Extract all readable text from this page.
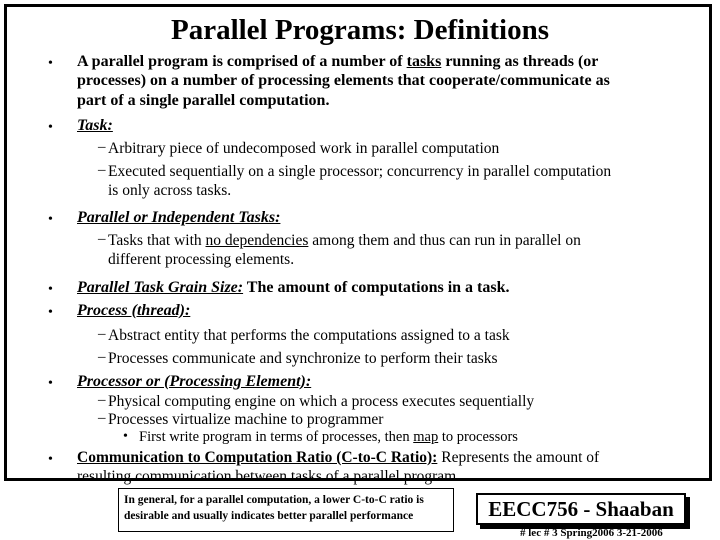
Parallel Programs: Definitions
• A parallel program is comprised of a number of tasks running as threads (or
processes) on a number of processing elements that cooperate/communicate as
part of a single parallel computation.
• Task:
– Arbitrary piece of undecomposed work in parallel computation
– Executed sequentially on a single processor; concurrency in parallel computation
is only across tasks.
• Parallel or Independent Tasks:
– Tasks that with no dependencies among them and thus can run in parallel on
different processing elements.
• Parallel Task Grain Size: The amount of computations in a task.
• Process (thread):
– Abstract entity that performs the computations assigned to a task
– Processes communicate and synchronize to perform their tasks
• Processor or (Processing Element):
– Physical computing engine on which a process executes sequentially
– Processes virtualize machine to programmer
• First write program in terms of processes, then map to processors
• Communication to Computation Ratio (C-to-C Ratio): Represents the amount of
resulting communication between tasks of a parallel program
In general, for a parallel computation, a lower C-to-C ratio is desirable and usually indicates better parallel performance	EECC756 - Shaaban
# lec # 3 Spring2006 3-21-2006
